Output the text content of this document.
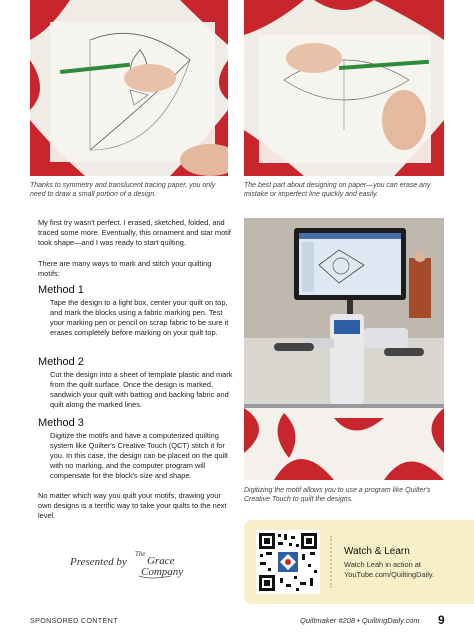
Thanks to symmetry and translucent tracing paper, you only need to draw a small portion of a design.
The best part about designing on paper—you can erase any mistake or imperfect line quickly and easily.
My first try wasn't perfect. I erased, sketched, folded, and traced some more. Eventually, this ornament and star motif took shape—and I was ready to start quilting.
There are many ways to mark and stitch your quilting motifs:
Method 1
Tape the design to a light box, center your quilt on top, and mark the blocks using a fabric marking pen. Test your marking pen or pencil on scrap fabric to be sure it erases completely before marking on your quilt top.
Method 2
Cut the design into a sheet of template plastic and mark from the quilt surface. Once the design is marked, sandwich your quilt with batting and backing fabric and quilt along the marked lines.
Method 3
Digitize the motifs and have a computerized quilting system like Quilter's Creative Touch (QCT) stitch it for you. In this case, the design can be placed on the quilt with no marking, and the computer program will compensate for the block's size and shape.
No matter which way you quilt your motifs, drawing your own designs is a terrific way to take your quilts to the next level.
Digitizing the motif allows you to use a program like Quilter's Creative Touch to quilt the designs.
Presented by
The
Grace
Company
Watch & Learn
Watch Leah in action at
YouTube.com/QuiltingDaily.
SPONSORED CONTENT	Quiltmaker #208 • QuiltingDaily.com 9
